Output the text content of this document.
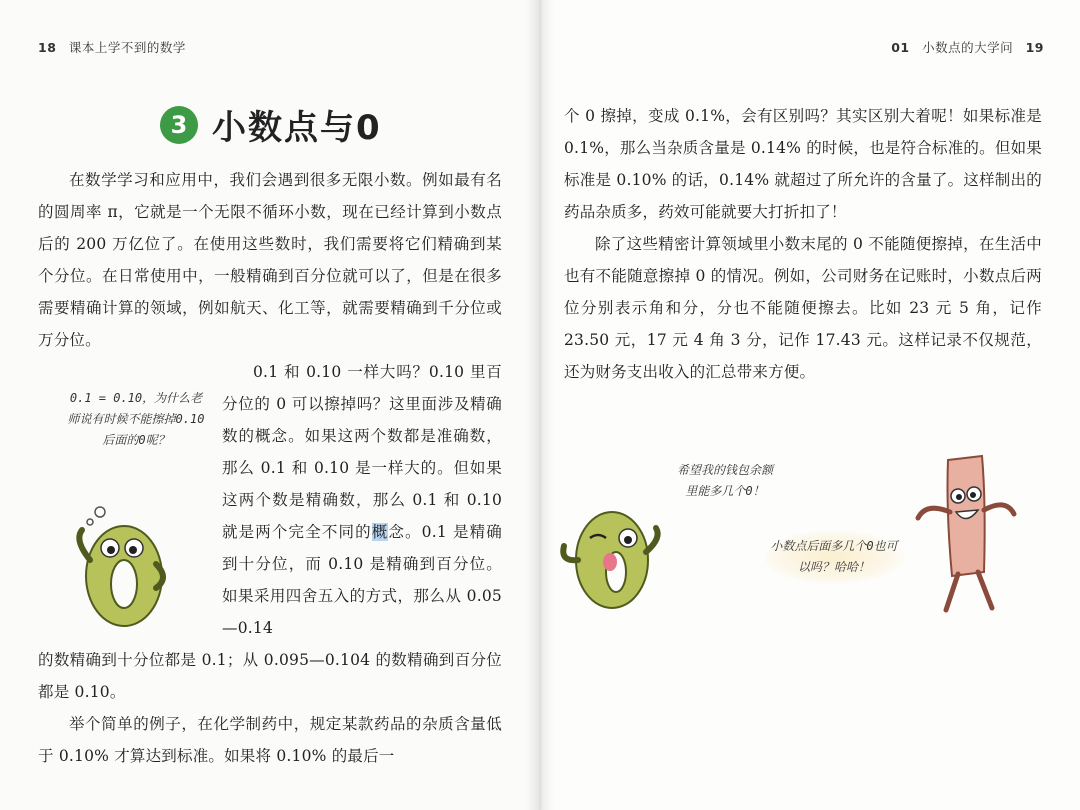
18 课本上学不到的数学	01 小数点的大学问 19
3 小数点与0

在数学学习和应用中，我们会遇到很多无限小数。例如最有名的圆周率 π，它就是一个无限不循环小数，现在已经计算到小数点后的 200 万亿位了。在使用这些数时，我们需要将它们精确到某个分位。在日常使用中，一般精确到百分位就可以了，但是在很多需要精确计算的领域，例如航天、化工等，就需要精确到千分位或万分位。

0.1 和 0.10 一样大吗？0.10 里百分位的 0 可以擦掉吗？这里面涉及精确数的概念。如果这两个数都是准确数，那么 0.1 和 0.10 是一样大的。但如果这两个数是精确数，那么 0.1 和 0.10 就是两个完全不同的概念。0.1 是精确到十分位，而 0.10 是精确到百分位。如果采用四舍五入的方式，那么从 0.05—0.14

的数精确到十分位都是 0.1；从 0.095—0.104 的数精确到百分位都是 0.10。

举个简单的例子，在化学制药中，规定某款药品的杂质含量低于 0.10% 才算达到标准。如果将 0.10% 的最后一

0.1 = 0.10，为什么老师说有时候不能擦掉0.10后面的0呢？

个 0 擦掉，变成 0.1%，会有区别吗？其实区别大着呢！如果标准是 0.1%，那么当杂质含量是 0.14% 的时候，也是符合标准的。但如果标准是 0.10% 的话，0.14% 就超过了所允许的含量了。这样制出的药品杂质多，药效可能就要大打折扣了！

除了这些精密计算领域里小数末尾的 0 不能随便擦掉，在生活中也有不能随意擦掉 0 的情况。例如，公司财务在记账时，小数点后两位分别表示角和分，分也不能随便擦去。比如 23 元 5 角，记作 23.50 元，17 元 4 角 3 分，记作 17.43 元。这样记录不仅规范，还为财务支出收入的汇总带来方便。

希望我的钱包余额里能多几个0！
小数点后面多几个0也可以吗？哈哈！
